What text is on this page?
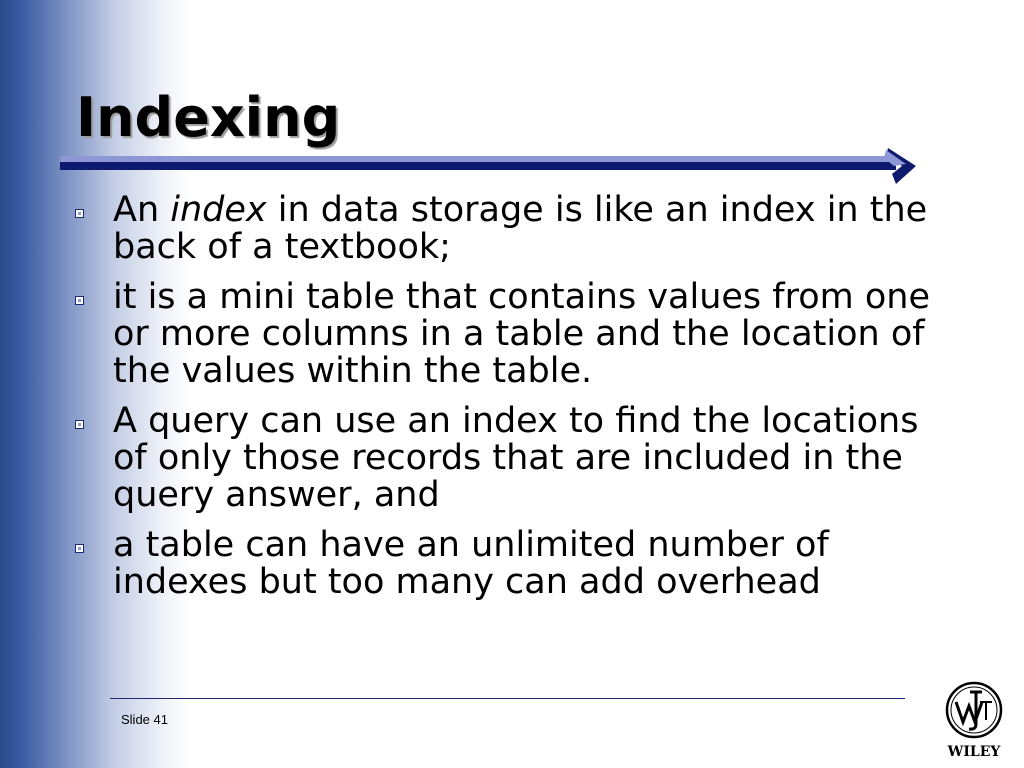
Indexing
An index in data storage is like an index in the back of a textbook;
it is a mini table that contains values from one or more columns in a table and the location of the values within the table.
A query can use an index to find the locations of only those records that are included in the query answer, and
a table can have an unlimited number of indexes but too many can add overhead
Slide 41
WILEY
